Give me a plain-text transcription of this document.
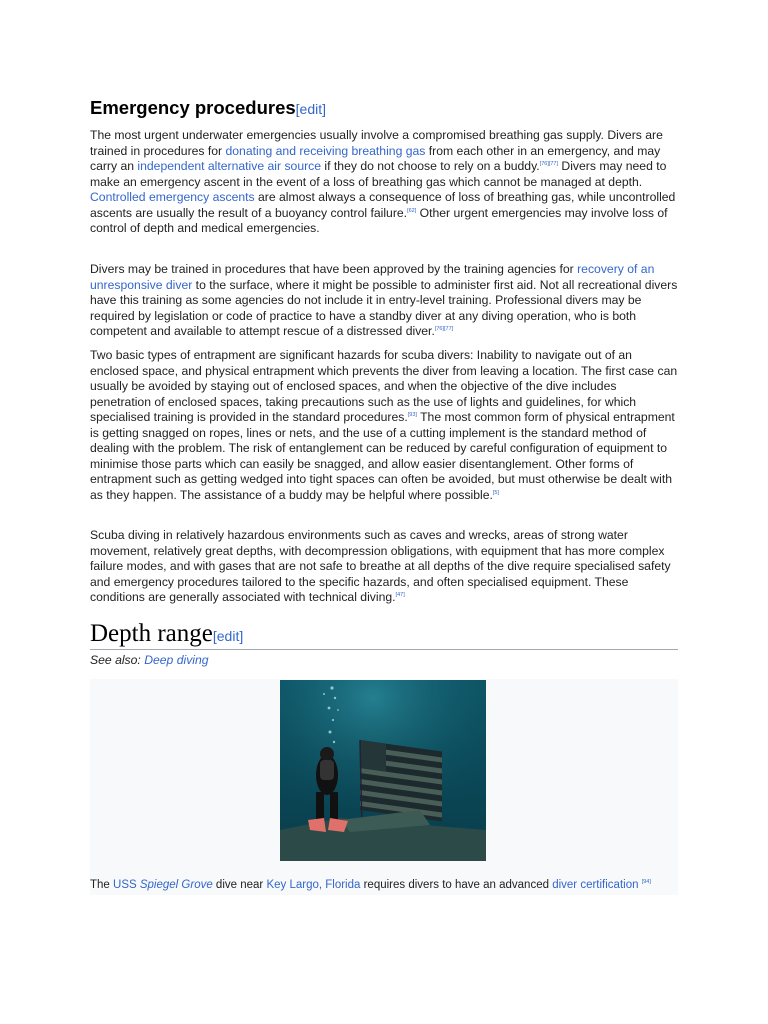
Emergency procedures[edit]

The most urgent underwater emergencies usually involve a compromised breathing gas supply. Divers are trained in procedures for donating and receiving breathing gas from each other in an emergency, and may carry an independent alternative air source if they do not choose to rely on a buddy.[76][77] Divers may need to make an emergency ascent in the event of a loss of breathing gas which cannot be managed at depth. Controlled emergency ascents are almost always a consequence of loss of breathing gas, while uncontrolled ascents are usually the result of a buoyancy control failure.[62] Other urgent emergencies may involve loss of control of depth and medical emergencies.

Divers may be trained in procedures that have been approved by the training agencies for recovery of an unresponsive diver to the surface, where it might be possible to administer first aid. Not all recreational divers have this training as some agencies do not include it in entry-level training. Professional divers may be required by legislation or code of practice to have a standby diver at any diving operation, who is both competent and available to attempt rescue of a distressed diver.[76][77]

Two basic types of entrapment are significant hazards for scuba divers: Inability to navigate out of an enclosed space, and physical entrapment which prevents the diver from leaving a location. The first case can usually be avoided by staying out of enclosed spaces, and when the objective of the dive includes penetration of enclosed spaces, taking precautions such as the use of lights and guidelines, for which specialised training is provided in the standard procedures.[93] The most common form of physical entrapment is getting snagged on ropes, lines or nets, and the use of a cutting implement is the standard method of dealing with the problem. The risk of entanglement can be reduced by careful configuration of equipment to minimise those parts which can easily be snagged, and allow easier disentanglement. Other forms of entrapment such as getting wedged into tight spaces can often be avoided, but must otherwise be dealt with as they happen. The assistance of a buddy may be helpful where possible.[5]

Scuba diving in relatively hazardous environments such as caves and wrecks, areas of strong water movement, relatively great depths, with decompression obligations, with equipment that has more complex failure modes, and with gases that are not safe to breathe at all depths of the dive require specialised safety and emergency procedures tailored to the specific hazards, and often specialised equipment. These conditions are generally associated with technical diving.[47]

Depth range[edit]
See also: Deep diving
The USS Spiegel Grove dive near Key Largo, Florida requires divers to have an advanced diver certification [94]
